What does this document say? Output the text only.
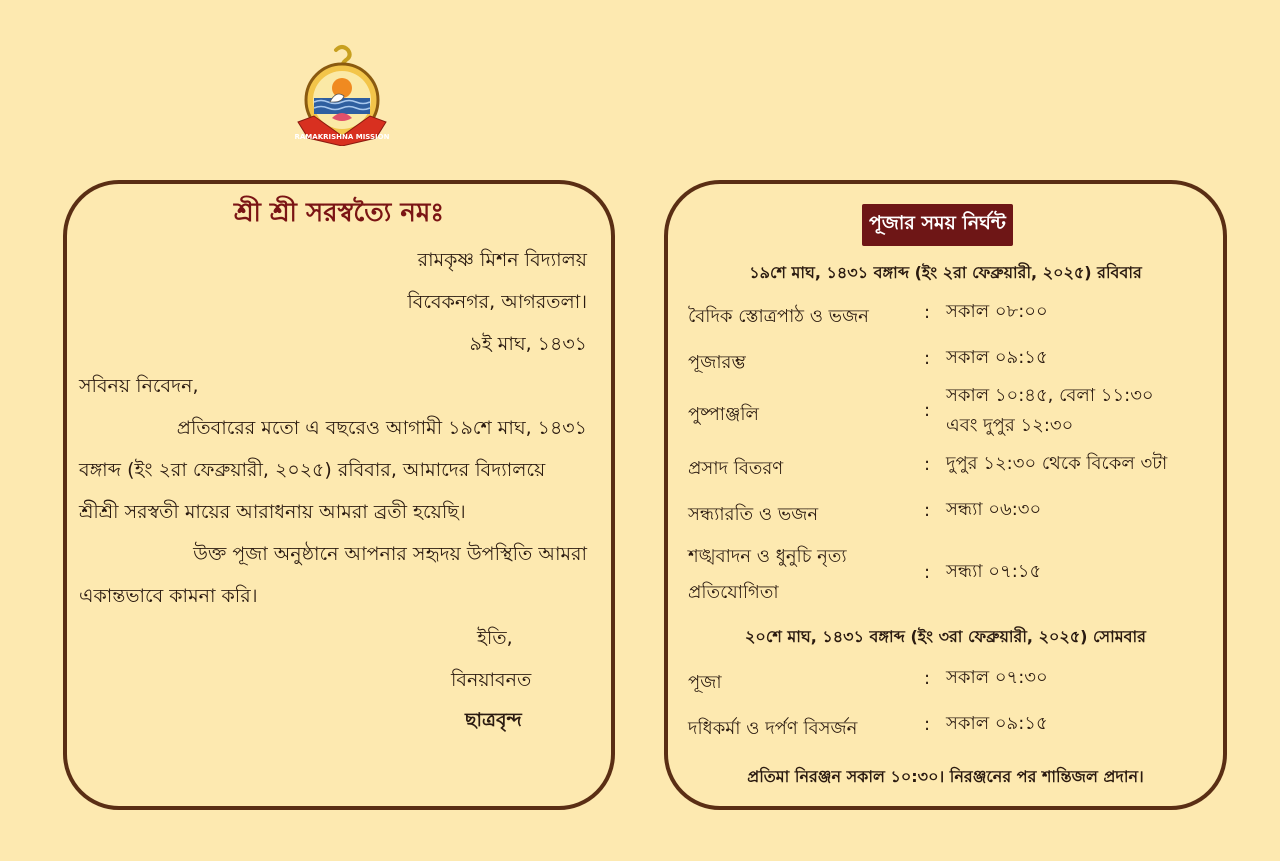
RAMAKRISHNA MISSION
শ্রী শ্রী সরস্বত্যৈ নমঃ
রামকৃষ্ণ মিশন বিদ্যালয়
বিবেকনগর, আগরতলা।
৯ই মাঘ, ১৪৩১
সবিনয় নিবেদন,
প্রতিবারের মতো এ বছরেও আগামী ১৯শে মাঘ, ১৪৩১
বঙ্গাব্দ (ইং ২রা ফেব্রুয়ারী, ২০২৫) রবিবার, আমাদের বিদ্যালয়ে
শ্রীশ্রী সরস্বতী মায়ের আরাধনায় আমরা ব্রতী হয়েছি।
উক্ত পূজা অনুষ্ঠানে আপনার সহৃদয় উপস্থিতি আমরা
একান্তভাবে কামনা করি।
ইতি,
বিনয়াবনত
ছাত্রবৃন্দ
পূজার সময় নির্ঘন্ট
১৯শে মাঘ, ১৪৩১ বঙ্গাব্দ (ইং ২রা ফেব্রুয়ারী, ২০২৫) রবিবার
বৈদিক স্তোত্রপাঠ ও ভজন	: সকাল ০৮:০০
পূজারম্ভ	: সকাল ০৯:১৫
পুষ্পাঞ্জলি	:
সকাল ১০:৪৫, বেলা ১১:৩০
এবং দুপুর ১২:৩০
প্রসাদ বিতরণ	: দুপুর ১২:৩০ থেকে বিকেল ৩টা
সন্ধ্যারতি ও ভজন	: সন্ধ্যা ০৬:৩০
শঙ্খবাদন ও ধুনুচি নৃত্য
প্রতিযোগিতা
: সন্ধ্যা ০৭:১৫
২০শে মাঘ, ১৪৩১ বঙ্গাব্দ (ইং ৩রা ফেব্রুয়ারী, ২০২৫) সোমবার
পূজা	: সকাল ০৭:৩০
দধিকর্মা ও দর্পণ বিসর্জন	: সকাল ০৯:১৫
প্রতিমা নিরঞ্জন সকাল ১০:৩০। নিরঞ্জনের পর শান্তিজল প্রদান।
